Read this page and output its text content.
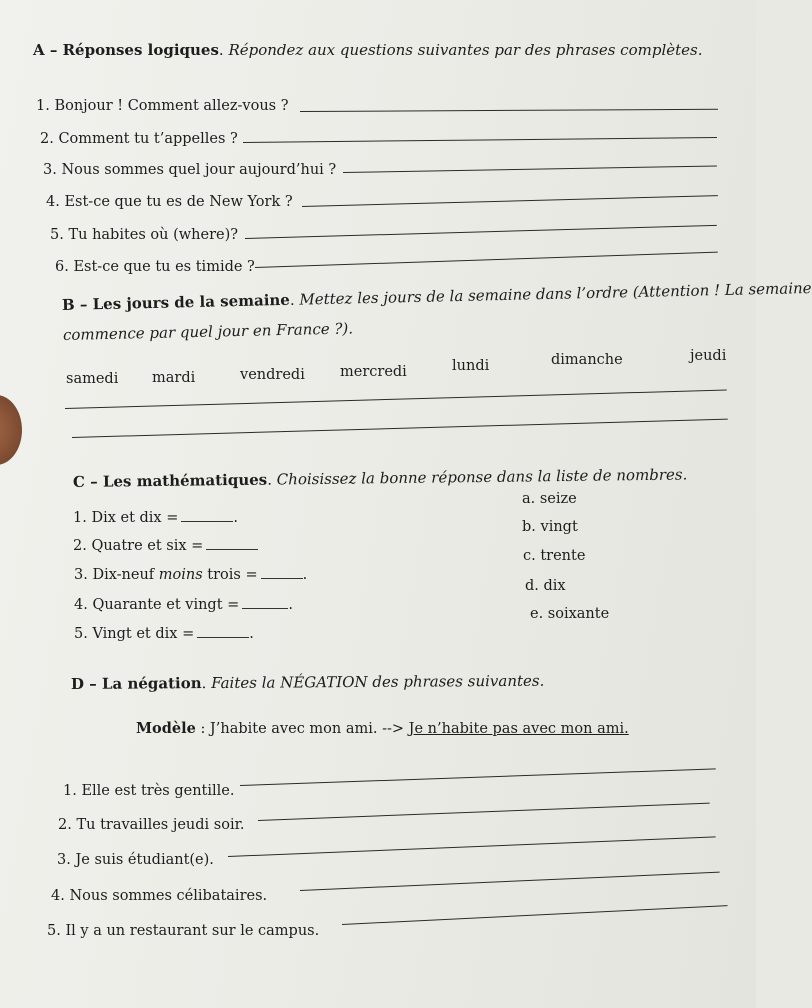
A – Réponses logiques. Répondez aux questions suivantes par des phrases complètes.
1. Bonjour ! Comment allez-vous ?
2. Comment tu t’appelles ?
3. Nous sommes quel jour aujourd’hui ?
4. Est-ce que tu es de New York ?
5. Tu habites où (where)?
6. Est-ce que tu es timide ?
B – Les jours de la semaine. Mettez les jours de la semaine dans l’ordre (Attention ! La semaine
commence par quel jour en France ?).
samedi mardi	vendredi mercredi	lundi	dimanche	jeudi
C – Les mathématiques. Choisissez la bonne réponse dans la liste de nombres.
1. Dix et dix =	.
2. Quatre et six =
3. Dix-neuf moins trois =	.
4. Quarante et vingt =	.
5. Vingt et dix =	.
a. seize
b. vingt
c. trente
d. dix
e. soixante
D – La négation. Faites la NÉGATION des phrases suivantes.
Modèle : J’habite avec mon ami. --> Je n’habite pas avec mon ami.
1. Elle est très gentille.
2. Tu travailles jeudi soir.
3. Je suis étudiant(e).
4. Nous sommes célibataires.
5. Il y a un restaurant sur le campus.
